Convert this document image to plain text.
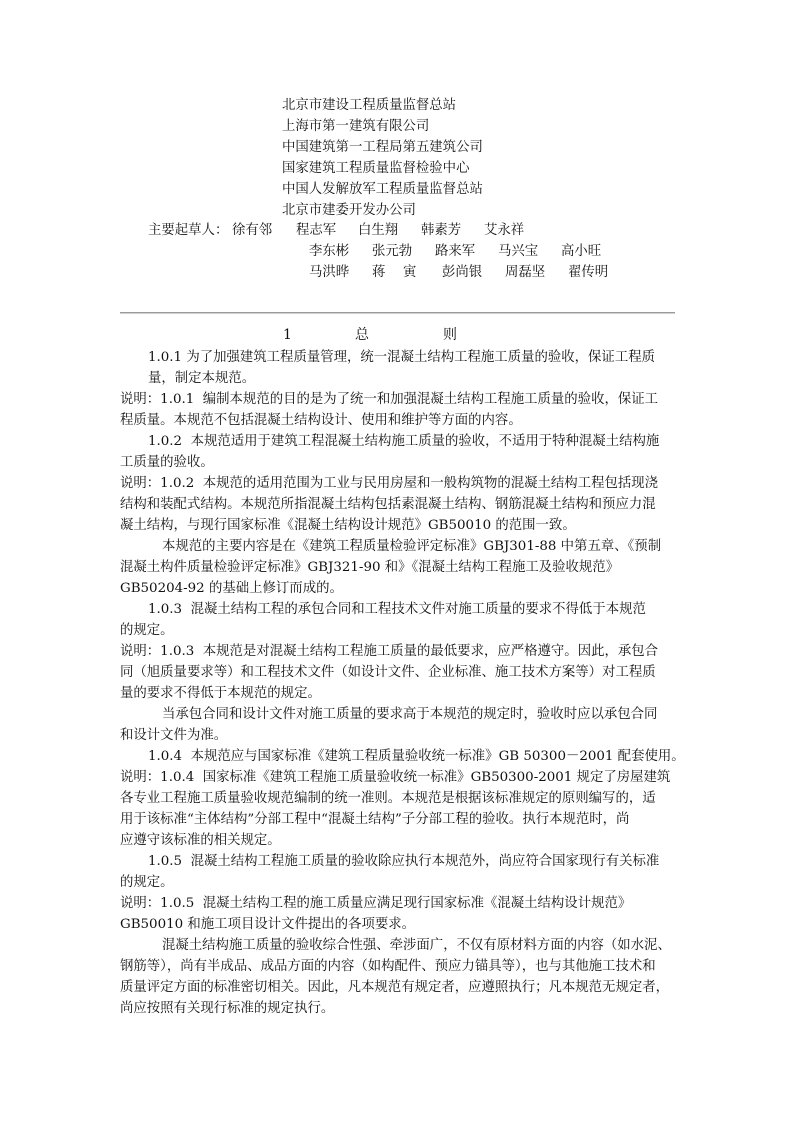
北京市建设工程质量监督总站
上海市第一建筑有限公司
中国建筑第一工程局第五建筑公司
国家建筑工程质量监督检验中心
中国人发解放军工程质量监督总站
北京市建委开发办公司
主要起草人： 徐有邻 程志军 白生翔 韩素芳 艾永祥
李东彬 张元勃 路来军 马兴宝 高小旺
马洪晔 蒋　 寅 彭尚银 周磊坚 翟传明
1	总	则
1.0.1 为了加强建筑工程质量管理，统一混凝土结构工程施工质量的验收，保证工程质
量，制定本规范。
说明：1.0.1  编制本规范的目的是为了统一和加强混凝土结构工程施工质量的验收，保证工
程质量。本规范不包括混凝土结构设计、使用和维护等方面的内容。
1.0.2  本规范适用于建筑工程混凝土结构施工质量的验收，不适用于特种混凝土结构施
工质量的验收。
说明：1.0.2  本规范的适用范围为工业与民用房屋和一般构筑物的混凝土结构工程包括现浇
结构和装配式结构。本规范所指混凝土结构包括素混凝土结构、钢筋混凝土结构和预应力混
凝土结构，与现行国家标准《混凝土结构设计规范》GB50010 的范围一致。
本规范的主要内容是在《建筑工程质量检验评定标准》GBJ301-88 中第五章、《预制
混凝土构件质量检验评定标准》GBJ321-90 和》《混凝土结构工程施工及验收规范》
GB50204-92 的基础上修订而成的。
1.0.3  混凝土结构工程的承包合同和工程技术文件对施工质量的要求不得低于本规范
的规定。
说明：1.0.3  本规范是对混凝土结构工程施工质量的最低要求，应严格遵守。因此，承包合
同（旭质量要求等）和工程技术文件（如设计文件、企业标准、施工技术方案等）对工程质
量的要求不得低于本规范的规定。
当承包合同和设计文件对施工质量的要求高于本规范的规定时，验收时应以承包合同
和设计文件为准。
1.0.4  本规范应与国家标准《建筑工程质量验收统一标准》GB 50300－2001 配套使用。
说明：1.0.4  国家标准《建筑工程施工质量验收统一标准》GB50300-2001 规定了房屋建筑
各专业工程施工质量验收规范编制的统一准则。本规范是根据该标准规定的原则编写的，适
用于该标准“主体结构”分部工程中“混凝土结构”子分部工程的验收。执行本规范时，尚
应遵守该标准的相关规定。
1.0.5  混凝土结构工程施工质量的验收除应执行本规范外，尚应符合国家现行有关标准
的规定。
说明：1.0.5  混凝土结构工程的施工质量应满足现行国家标准《混凝土结构设计规范》
GB50010 和施工项目设计文件提出的各项要求。
混凝土结构施工质量的验收综合性强、牵涉面广，不仅有原材料方面的内容（如水泥、
钢筋等），尚有半成品、成品方面的内容（如构配件、预应力锚具等），也与其他施工技术和
质量评定方面的标准密切相关。因此，凡本规范有规定者，应遵照执行；凡本规范无规定者，
尚应按照有关现行标准的规定执行。
